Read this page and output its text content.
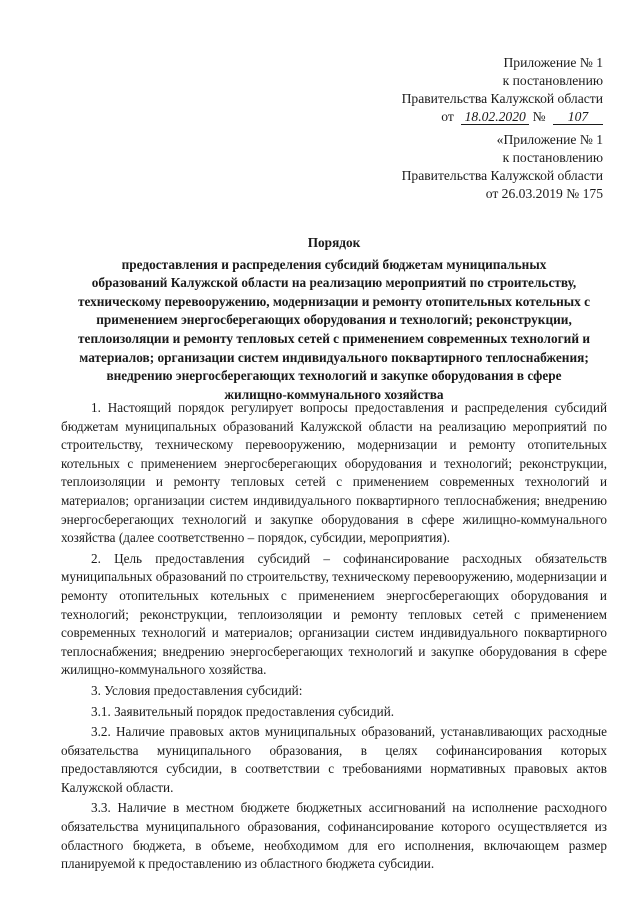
Приложение № 1
к постановлению
Правительства Калужской области
от 18.02.2020 № 107
«Приложение № 1
к постановлению
Правительства Калужской области
от 26.03.2019 № 175

Порядок

предоставления и распределения субсидий бюджетам муниципальных

образований Калужской области на реализацию мероприятий по строительству,

техническому перевооружению, модернизации и ремонту отопительных котельных с

применением энергосберегающих оборудования и технологий; реконструкции,

теплоизоляции и ремонту тепловых сетей с применением современных технологий и

материалов; организации систем индивидуального поквартирного теплоснабжения;

внедрению энергосберегающих технологий и закупке оборудования в сфере

жилищно-коммунального хозяйства

1. Настоящий порядок регулирует вопросы предоставления и распределения субсидий бюджетам муниципальных образований Калужской области на реализацию мероприятий по строительству, техническому перевооружению, модернизации и ремонту отопительных котельных с применением энергосберегающих оборудования и технологий; реконструкции, теплоизоляции и ремонту тепловых сетей с применением современных технологий и материалов; организации систем индивидуального поквартирного теплоснабжения; внедрению энергосберегающих технологий и закупке оборудования в сфере жилищно-коммунального хозяйства (далее соответственно – порядок, субсидии, мероприятия).

2. Цель предоставления субсидий – софинансирование расходных обязательств муниципальных образований по строительству, техническому перевооружению, модернизации и ремонту отопительных котельных с применением энергосберегающих оборудования и технологий; реконструкции, теплоизоляции и ремонту тепловых сетей с применением современных технологий и материалов; организации систем индивидуального поквартирного теплоснабжения; внедрению энергосберегающих технологий и закупке оборудования в сфере жилищно-коммунального хозяйства.

3. Условия предоставления субсидий:

3.1. Заявительный порядок предоставления субсидий.

3.2. Наличие правовых актов муниципальных образований, устанавливающих расходные обязательства муниципального образования, в целях софинансирования которых предоставляются субсидии, в соответствии с требованиями нормативных правовых актов Калужской области.

3.3. Наличие в местном бюджете бюджетных ассигнований на исполнение расходного обязательства муниципального образования, софинансирование которого осуществляется из областного бюджета, в объеме, необходимом для его исполнения, включающем размер планируемой к предоставлению из областного бюджета субсидии.
